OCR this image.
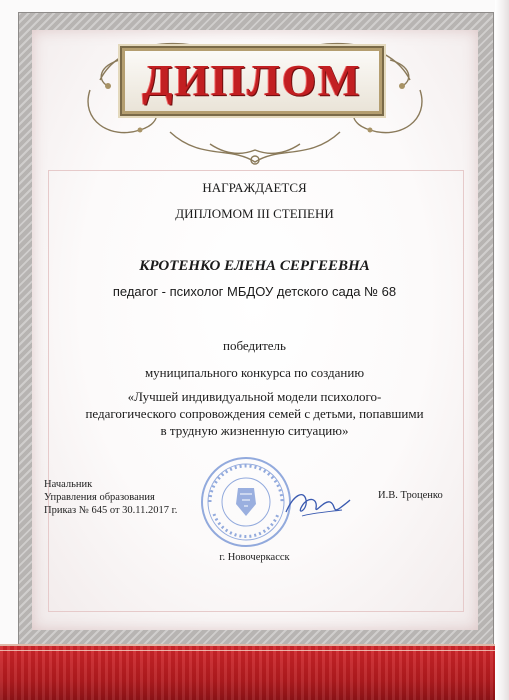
ДИПЛОМ
НАГРАЖДАЕТСЯ
ДИПЛОМОМ III СТЕПЕНИ
КРОТЕНКО ЕЛЕНА СЕРГЕЕВНА
педагог - психолог МБДОУ детского сада № 68
победитель
муниципального конкурса по созданию
«Лучшей индивидуальной модели психолого-
педагогического сопровождения семей с детьми, попавшими
в трудную жизненную ситуацию»
Начальник
Управления образования
Приказ № 645 от 30.11.2017 г.
И.В. Троценко
г. Новочеркасск
